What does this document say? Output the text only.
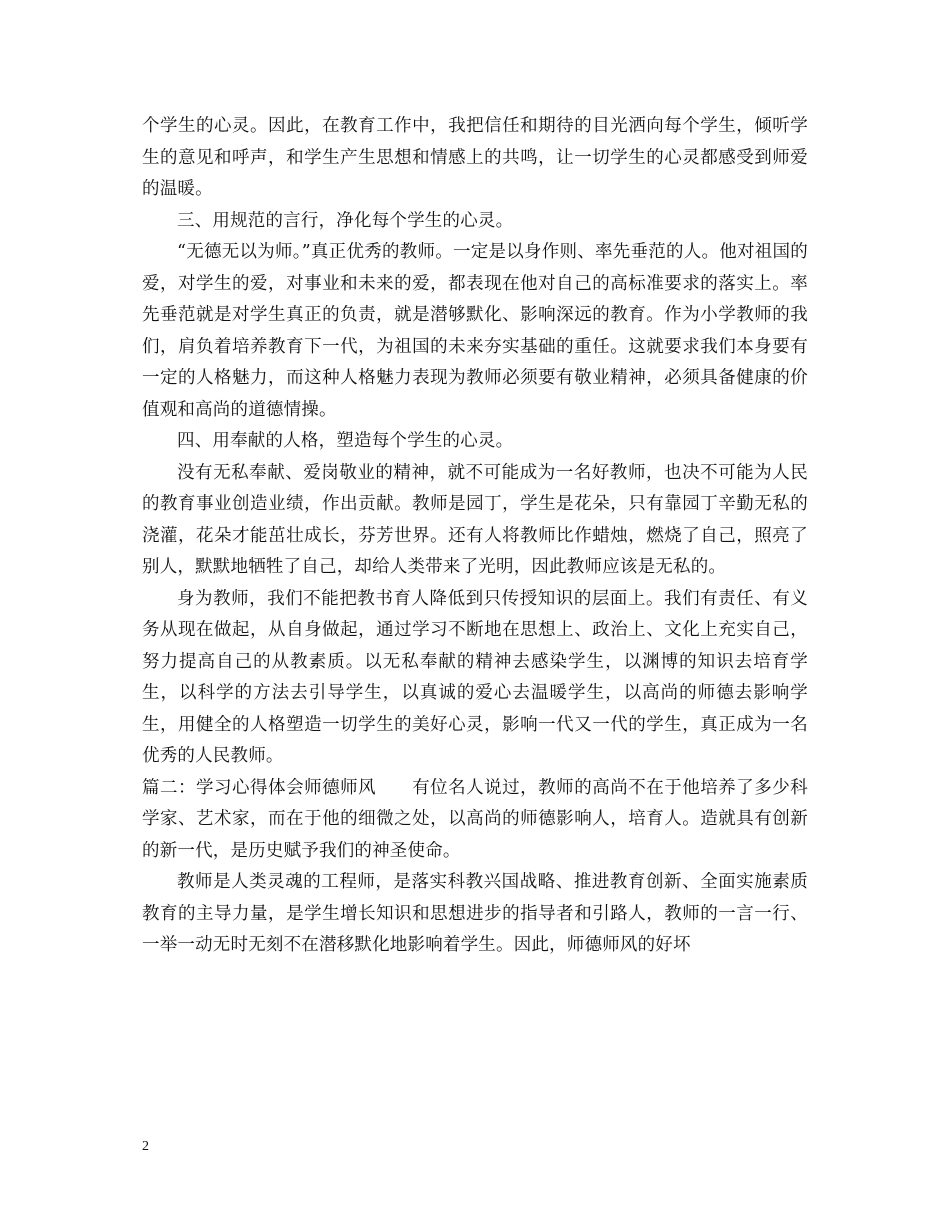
个学生的心灵。因此，在教育工作中，我把信任和期待的目光洒向每个学生，倾听学生的意见和呼声，和学生产生思想和情感上的共鸣，让一切学生的心灵都感受到师爱的温暖。

三、用规范的言行，净化每个学生的心灵。

“无德无以为师。”真正优秀的教师。一定是以身作则、率先垂范的人。他对祖国的爱，对学生的爱，对事业和未来的爱，都表现在他对自己的高标准要求的落实上。率先垂范就是对学生真正的负责，就是潜够默化、影响深远的教育。作为小学教师的我们，肩负着培养教育下一代，为祖国的未来夯实基础的重任。这就要求我们本身要有一定的人格魅力，而这种人格魅力表现为教师必须要有敬业精神，必须具备健康的价值观和高尚的道德情操。

四、用奉献的人格，塑造每个学生的心灵。

没有无私奉献、爱岗敬业的精神，就不可能成为一名好教师，也决不可能为人民的教育事业创造业绩，作出贡献。教师是园丁，学生是花朵，只有靠园丁辛勤无私的浇灌，花朵才能茁壮成长，芬芳世界。还有人将教师比作蜡烛，燃烧了自己，照亮了别人，默默地牺牲了自己，却给人类带来了光明，因此教师应该是无私的。

身为教师，我们不能把教书育人降低到只传授知识的层面上。我们有责任、有义务从现在做起，从自身做起，通过学习不断地在思想上、政治上、文化上充实自己，努力提高自己的从教素质。以无私奉献的精神去感染学生，以渊博的知识去培育学生，以科学的方法去引导学生，以真诚的爱心去温暖学生，以高尚的师德去影响学生，用健全的人格塑造一切学生的美好心灵，影响一代又一代的学生，真正成为一名优秀的人民教师。

篇二：学习心得体会师德师风　　有位名人说过，教师的高尚不在于他培养了多少科学家、艺术家，而在于他的细微之处，以高尚的师德影响人，培育人。造就具有创新的新一代，是历史赋予我们的神圣使命。

教师是人类灵魂的工程师，是落实科教兴国战略、推进教育创新、全面实施素质教育的主导力量，是学生增长知识和思想进步的指导者和引路人，教师的一言一行、一举一动无时无刻不在潜移默化地影响着学生。因此，师德师风的好坏

2
